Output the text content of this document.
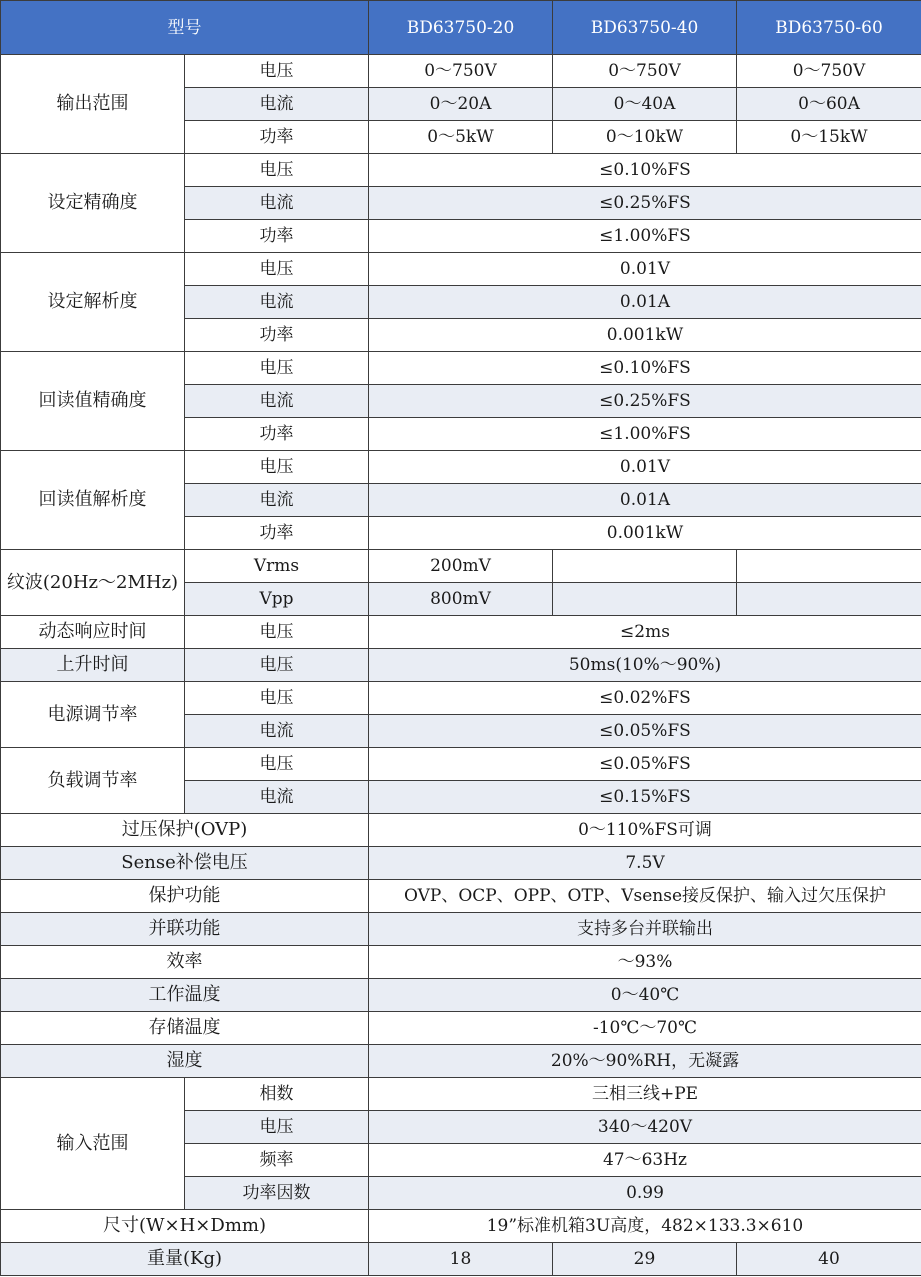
型号		BD63750-20	BD63750-40	BD63750-60
输出范围	电压	0～750V	0～750V	0～750V
	电流	0～20A	0～40A	0～60A
	功率	0～5kW	0～10kW	0～15kW
设定精确度	电压	≤0.10%FS		
	电流	≤0.25%FS		
	功率	≤1.00%FS		
设定解析度	电压	0.01V		
	电流	0.01A		
	功率	0.001kW		
回读值精确度	电压	≤0.10%FS		
	电流	≤0.25%FS		
	功率	≤1.00%FS		
回读值解析度	电压	0.01V		
	电流	0.01A		
	功率	0.001kW		
纹波(20Hz～2MHz)	Vrms	200mV		
	Vpp	800mV		
动态响应时间	电压	≤2ms		
上升时间	电压	50ms(10%～90%)		
电源调节率	电压	≤0.02%FS		
	电流	≤0.05%FS		
负载调节率	电压	≤0.05%FS		
	电流	≤0.15%FS		
过压保护(OVP)		0～110%FS可调		
Sense补偿电压		7.5V		
保护功能		OVP、OCP、OPP、OTP、Vsense接反保护、输入过欠压保护		
并联功能		支持多台并联输出		
效率		～93%		
工作温度		0～40℃		
存储温度		-10℃～70℃		
湿度		20%～90%RH，无凝露		
输入范围	相数	三相三线+PE		
	电压	340～420V		
	频率	47～63Hz		
	功率因数	0.99		
尺寸(W×H×Dmm)		19”标准机箱3U高度，482×133.3×610		
重量(Kg)		18	29	40
